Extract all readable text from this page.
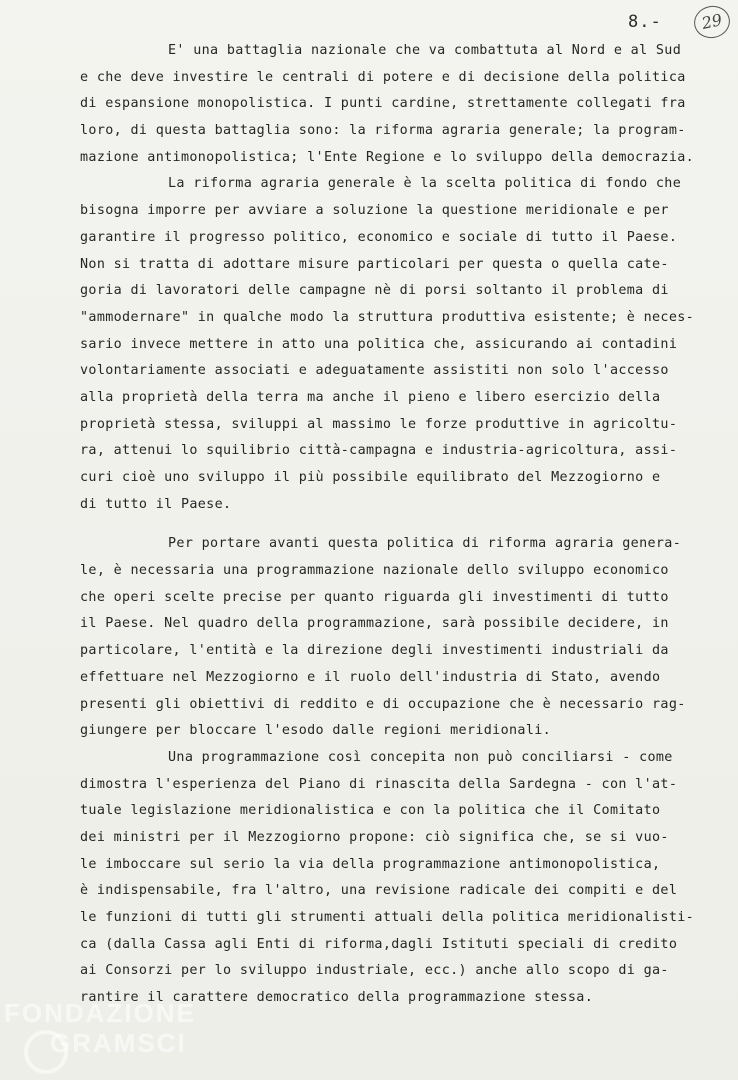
8.-	29
E' una battaglia nazionale che va combattuta al Nord e al Sud
e che deve investire le centrali di potere e di decisione della politica
di espansione monopolistica. I punti cardine, strettamente collegati fra
loro, di questa battaglia sono: la riforma agraria generale; la program-
mazione antimonopolistica; l'Ente Regione e lo sviluppo della democrazia.
La riforma agraria generale è la scelta politica di fondo che
bisogna imporre per avviare a soluzione la questione meridionale e per
garantire il progresso politico, economico e sociale di tutto il Paese.
Non si tratta di adottare misure particolari per questa o quella cate-
goria di lavoratori delle campagne nè di porsi soltanto il problema di
"ammodernare" in qualche modo la struttura produttiva esistente; è neces-
sario invece mettere in atto una politica che, assicurando ai contadini
volontariamente associati e adeguatamente assistiti non solo l'accesso
alla proprietà della terra ma anche il pieno e libero esercizio della
proprietà stessa, sviluppi al massimo le forze produttive in agricoltu-
ra, attenui lo squilibrio città-campagna e industria-agricoltura, assi-
curi cioè uno sviluppo il più possibile equilibrato del Mezzogiorno e
di tutto il Paese.
Per portare avanti questa politica di riforma agraria genera-
le, è necessaria una programmazione nazionale dello sviluppo economico
che operi scelte precise per quanto riguarda gli investimenti di tutto
il Paese. Nel quadro della programmazione, sarà possibile decidere, in
particolare, l'entità e la direzione degli investimenti industriali da
effettuare nel Mezzogiorno e il ruolo dell'industria di Stato, avendo
presenti gli obiettivi di reddito e di occupazione che è necessario rag-
giungere per bloccare l'esodo dalle regioni meridionali.
Una programmazione così concepita non può conciliarsi - come
dimostra l'esperienza del Piano di rinascita della Sardegna - con l'at-
tuale legislazione meridionalistica e con la politica che il Comitato
dei ministri per il Mezzogiorno propone: ciò significa che, se si vuo-
le imboccare sul serio la via della programmazione antimonopolistica,
è indispensabile, fra l'altro, una revisione radicale dei compiti e del
le funzioni di tutti gli strumenti attuali della politica meridionalisti-
ca (dalla Cassa agli Enti di riforma,dagli Istituti speciali di credito
ai Consorzi per lo sviluppo industriale, ecc.) anche allo scopo di ga-
rantire il carattere democratico della programmazione stessa.
FONDAZIONE
GRAMSCI
